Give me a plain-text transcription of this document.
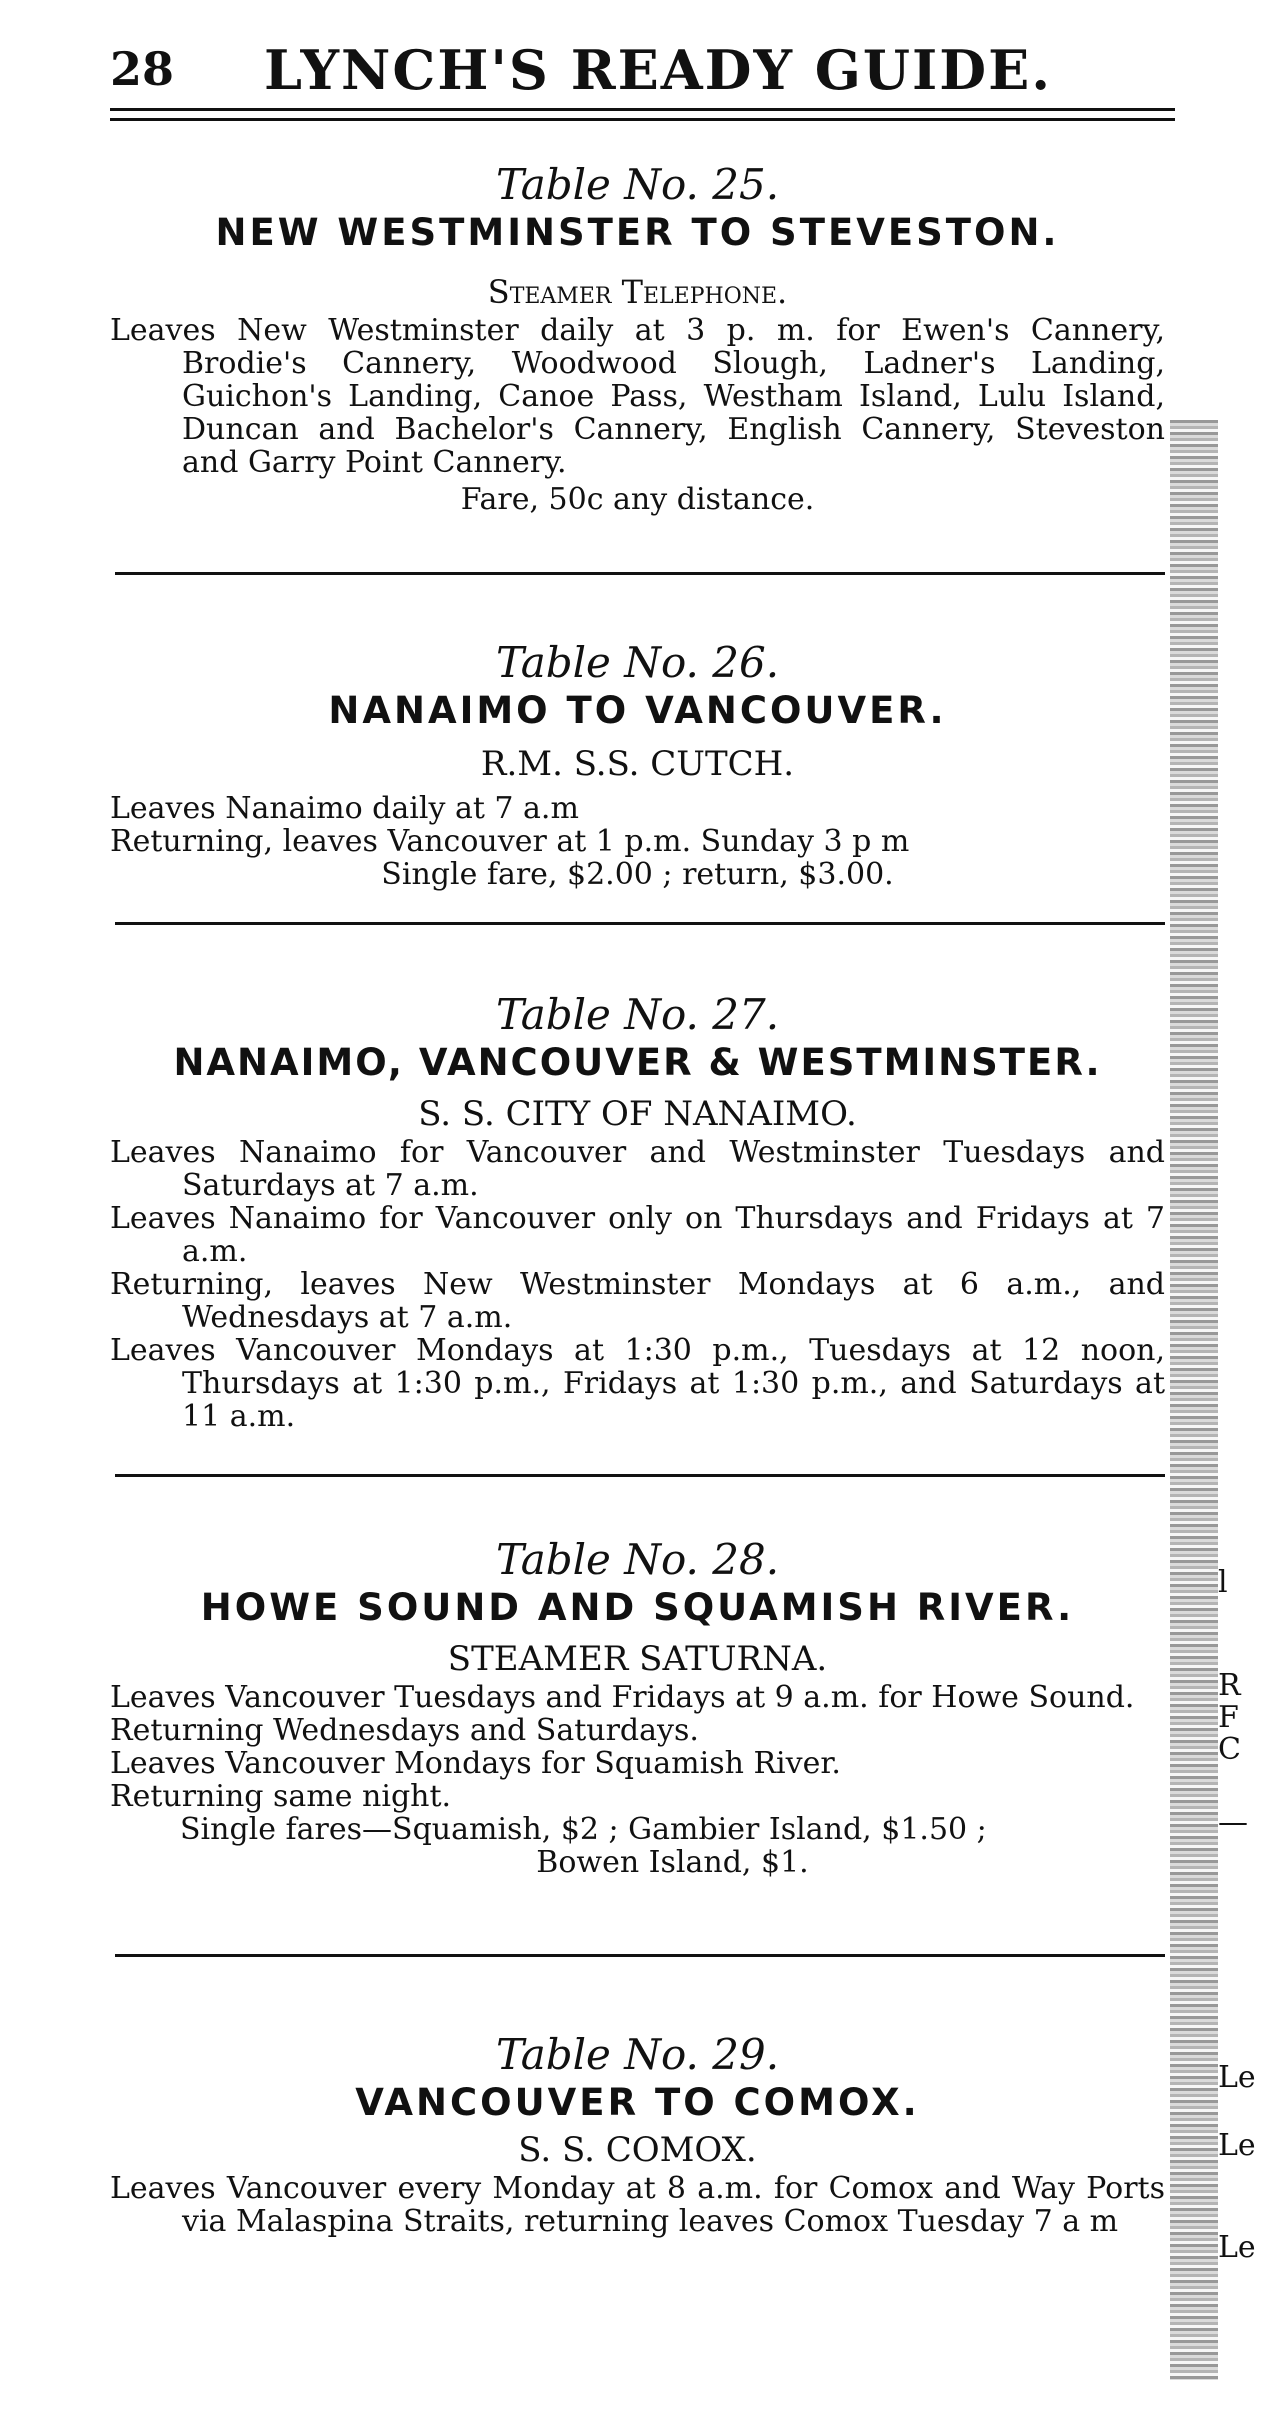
28	LYNCH'S READY GUIDE.
Table No. 25.
NEW WESTMINSTER TO STEVESTON.
Steamer Telephone.
Leaves New Westminster daily at 3 p. m. for Ewen's Cannery, Brodie's Cannery, Woodwood Slough, Ladner's Landing, Guichon's Landing, Canoe Pass, Westham Island, Lulu Island, Duncan and Bachelor's Cannery, English Cannery, Steveston and Garry Point Cannery.
Fare, 50c any distance.
Table No. 26.
NANAIMO TO VANCOUVER.
R.M. S.S. CUTCH.
Leaves Nanaimo daily at 7 a.m
Returning, leaves Vancouver at 1 p.m. Sunday 3 p m
Single fare, $2.00 ; return, $3.00.
Table No. 27.
NANAIMO, VANCOUVER & WESTMINSTER.
S. S. CITY OF NANAIMO.
Leaves Nanaimo for Vancouver and Westminster Tuesdays and Saturdays at 7 a.m.
Leaves Nanaimo for Vancouver only on Thursdays and Fridays at 7 a.m.
Returning, leaves New Westminster Mondays at 6 a.m., and Wednesdays at 7 a.m.
Leaves Vancouver Mondays at 1:30 p.m., Tuesdays at 12 noon, Thursdays at 1:30 p.m., Fridays at 1:30 p.m., and Saturdays at 11 a.m.
Table No. 28.
HOWE SOUND AND SQUAMISH RIVER.
STEAMER SATURNA.
Leaves Vancouver Tuesdays and Fridays at 9 a.m. for Howe Sound.
Returning Wednesdays and Saturdays.
Leaves Vancouver Mondays for Squamish River.
Returning same night.
Single fares—Squamish, $2 ; Gambier Island, $1.50 ;
Bowen Island, $1.
Table No. 29.
VANCOUVER TO COMOX.
S. S. COMOX.
Leaves Vancouver every Monday at 8 a.m. for Comox and Way Ports via Malaspina Straits, returning leaves Comox Tuesday 7 a m
l
R
F
C
—
Le
Le
Le
